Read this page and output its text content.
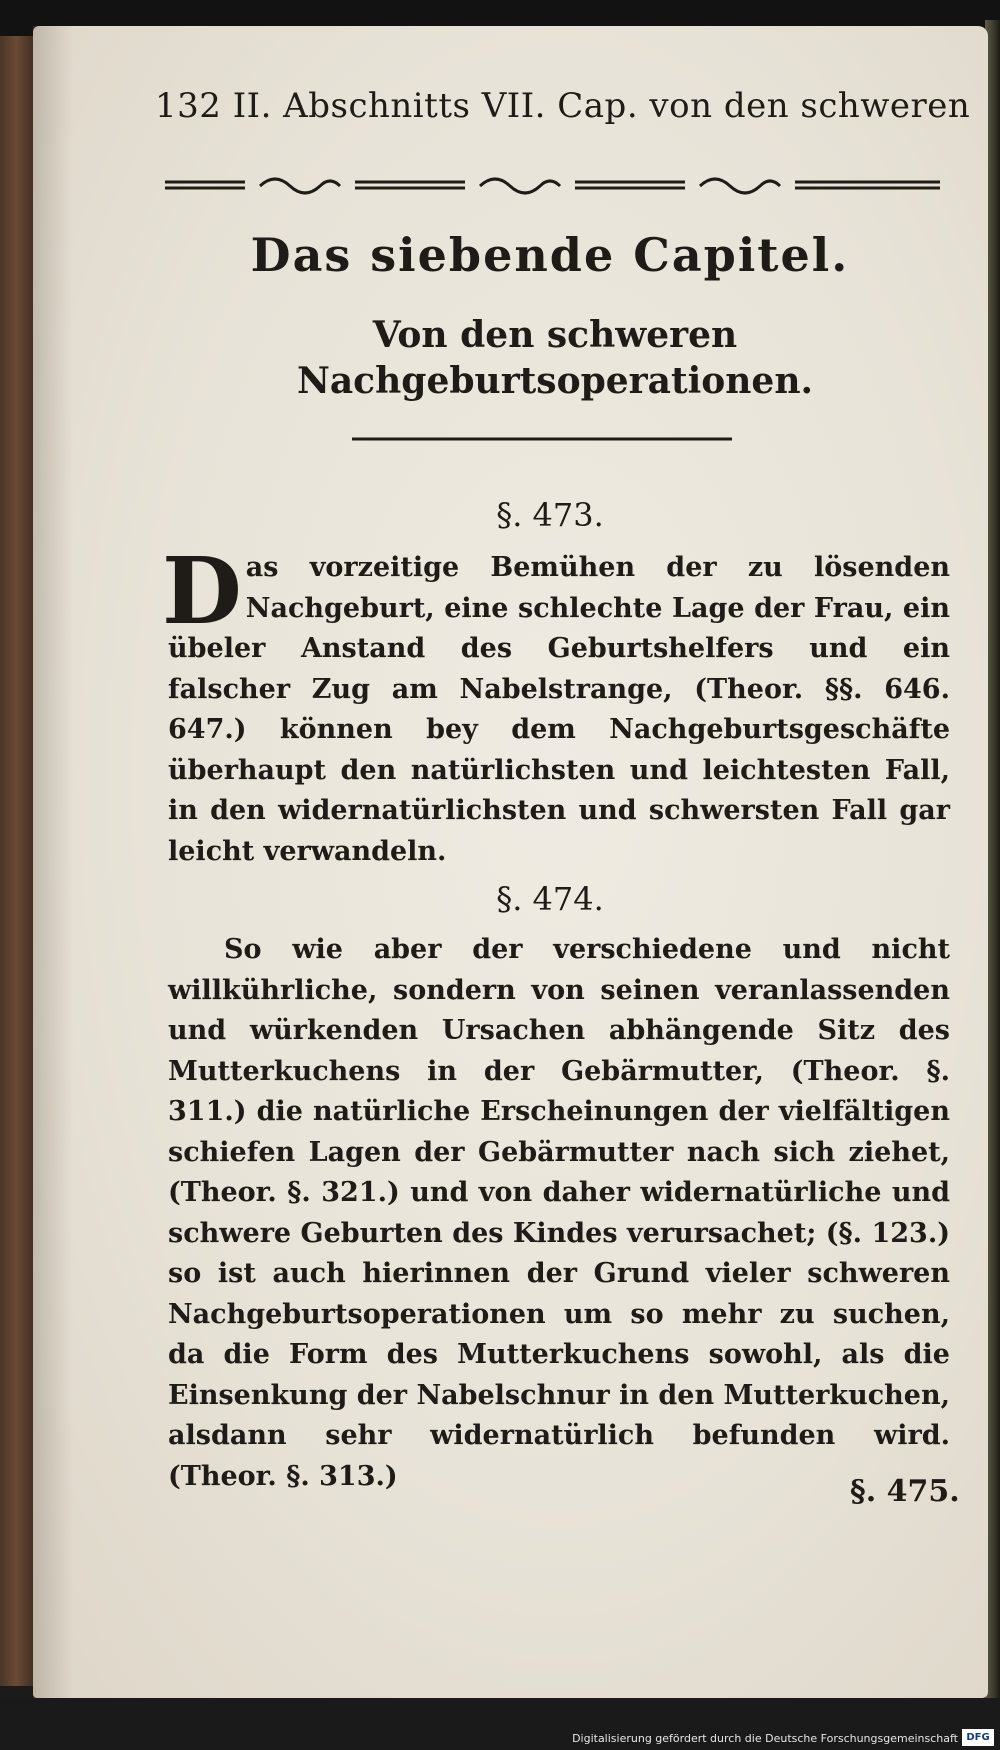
132 II. Abschnitts VII. Cap. von den schweren
Das siebende Capitel.
Von den schweren Nachgeburtsoperationen.
§. 473.
D as vorzeitige Bemühen der zu lösenden Nachgeburt, eine schlechte Lage der Frau, ein übeler Anstand des Geburtshelfers und ein falscher Zug am Nabelstrange, (Theor. §§. 646. 647.) können bey dem Nachgeburtsgeschäfte überhaupt den natürlichsten und leichtesten Fall, in den widernatürlichsten und schwersten Fall gar leicht verwandeln.
§. 474.
So wie aber der verschiedene und nicht willkührliche, sondern von seinen veranlassenden und würkenden Ursachen abhängende Sitz des Mutterkuchens in der Gebärmutter, (Theor. §. 311.) die natürliche Erscheinungen der vielfältigen schiefen Lagen der Gebärmutter nach sich ziehet, (Theor. §. 321.) und von daher widernatürliche und schwere Geburten des Kindes verursachet; (§. 123.) so ist auch hierinnen der Grund vieler schweren Nachgeburtsoperationen um so mehr zu suchen, da die Form des Mutterkuchens sowohl, als die Einsenkung der Nabelschnur in den Mutterkuchen, alsdann sehr widernatürlich befunden wird. (Theor. §. 313.)	§. 475.
Digitalisierung gefördert durch die Deutsche Forschungsgemeinschaft DFG
